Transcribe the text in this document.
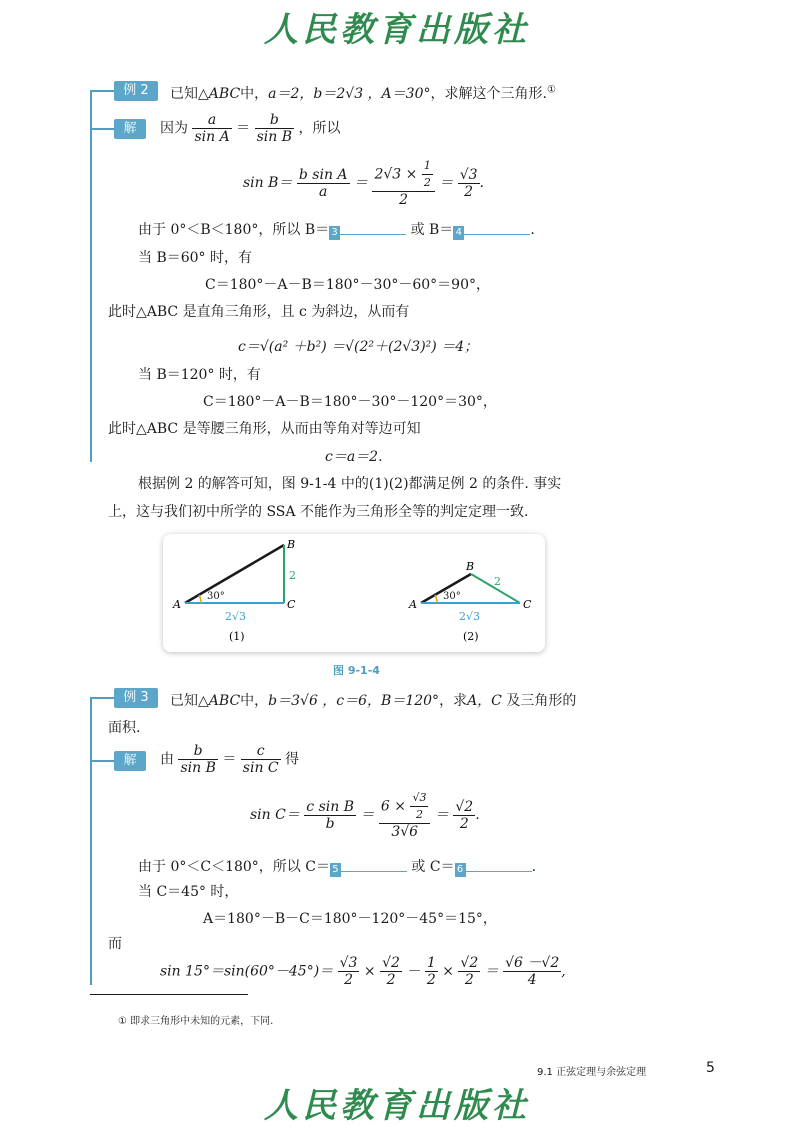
人民教育出版社
例 2
解
已知△ABC中，a＝2，b＝2√3 ，A＝30°，求解这个三角形.①
因为 $\frac{a}{\text{sin A}} = \frac{b}{\text{sin B}}$ ，所以
$\sin B= \frac{\text{b sin A}}{a} = \frac{2√3 \times \frac{1}{2}}{2} = \frac{√3}{2}$ .
由于 0°＜B＜180°，所以 B＝ 3	或 B＝ 4	.
当 B＝60° 时，有
C＝180°－A－B＝180°－30°－60°＝90°，
此时△ABC 是直角三角形，且 c 为斜边，从而有
c＝√(a² ＋b²) ＝√(2²＋(2√3)²) ＝4；
当 B＝120° 时，有
C＝180°－A－B＝180°－30°－120°＝30°，
此时△ABC 是等腰三角形，从而由等角对等边可知
c＝a＝2.
根据例 2 的解答可知，图 9-1-4 中的(1)(2)都满足例 2 的条件. 事实
上，这与我们初中所学的 SSA 不能作为三角形全等的判定定理一致.
A
B
C
30°
2
2√3
(1)
A
B
C
30°
2
2√3
(2)
图 9-1-4
例 3
解
已知△ABC中，b＝3√6 ，c＝6，B＝120°，求A，C 及三角形的
面积.
由 $\frac{b}{\text{sin B}} = \frac{c}{\text{sin C}}$ 得
$\sin C= \frac{\text{c sin B}}{b} = \frac{6 \times \frac{√3}{2}}{3√6} = \frac{√2}{2}$ .
由于 0°＜C＜180°，所以 C＝ 5	或 C＝ 6	.
当 C＝45° 时，
A＝180°－B－C＝180°－120°－45°＝15°，
而
$\sin 15^\circ=\sin(60^\circ-45^\circ)= \frac{√3}{2} \times \frac{√2}{2} - \frac{1}{2} \times \frac{√2}{2} = \frac{√6 -√2}{4}$ ,
① 即求三角形中未知的元素，下同.
9.1 正弦定理与余弦定理	5
人民教育出版社
